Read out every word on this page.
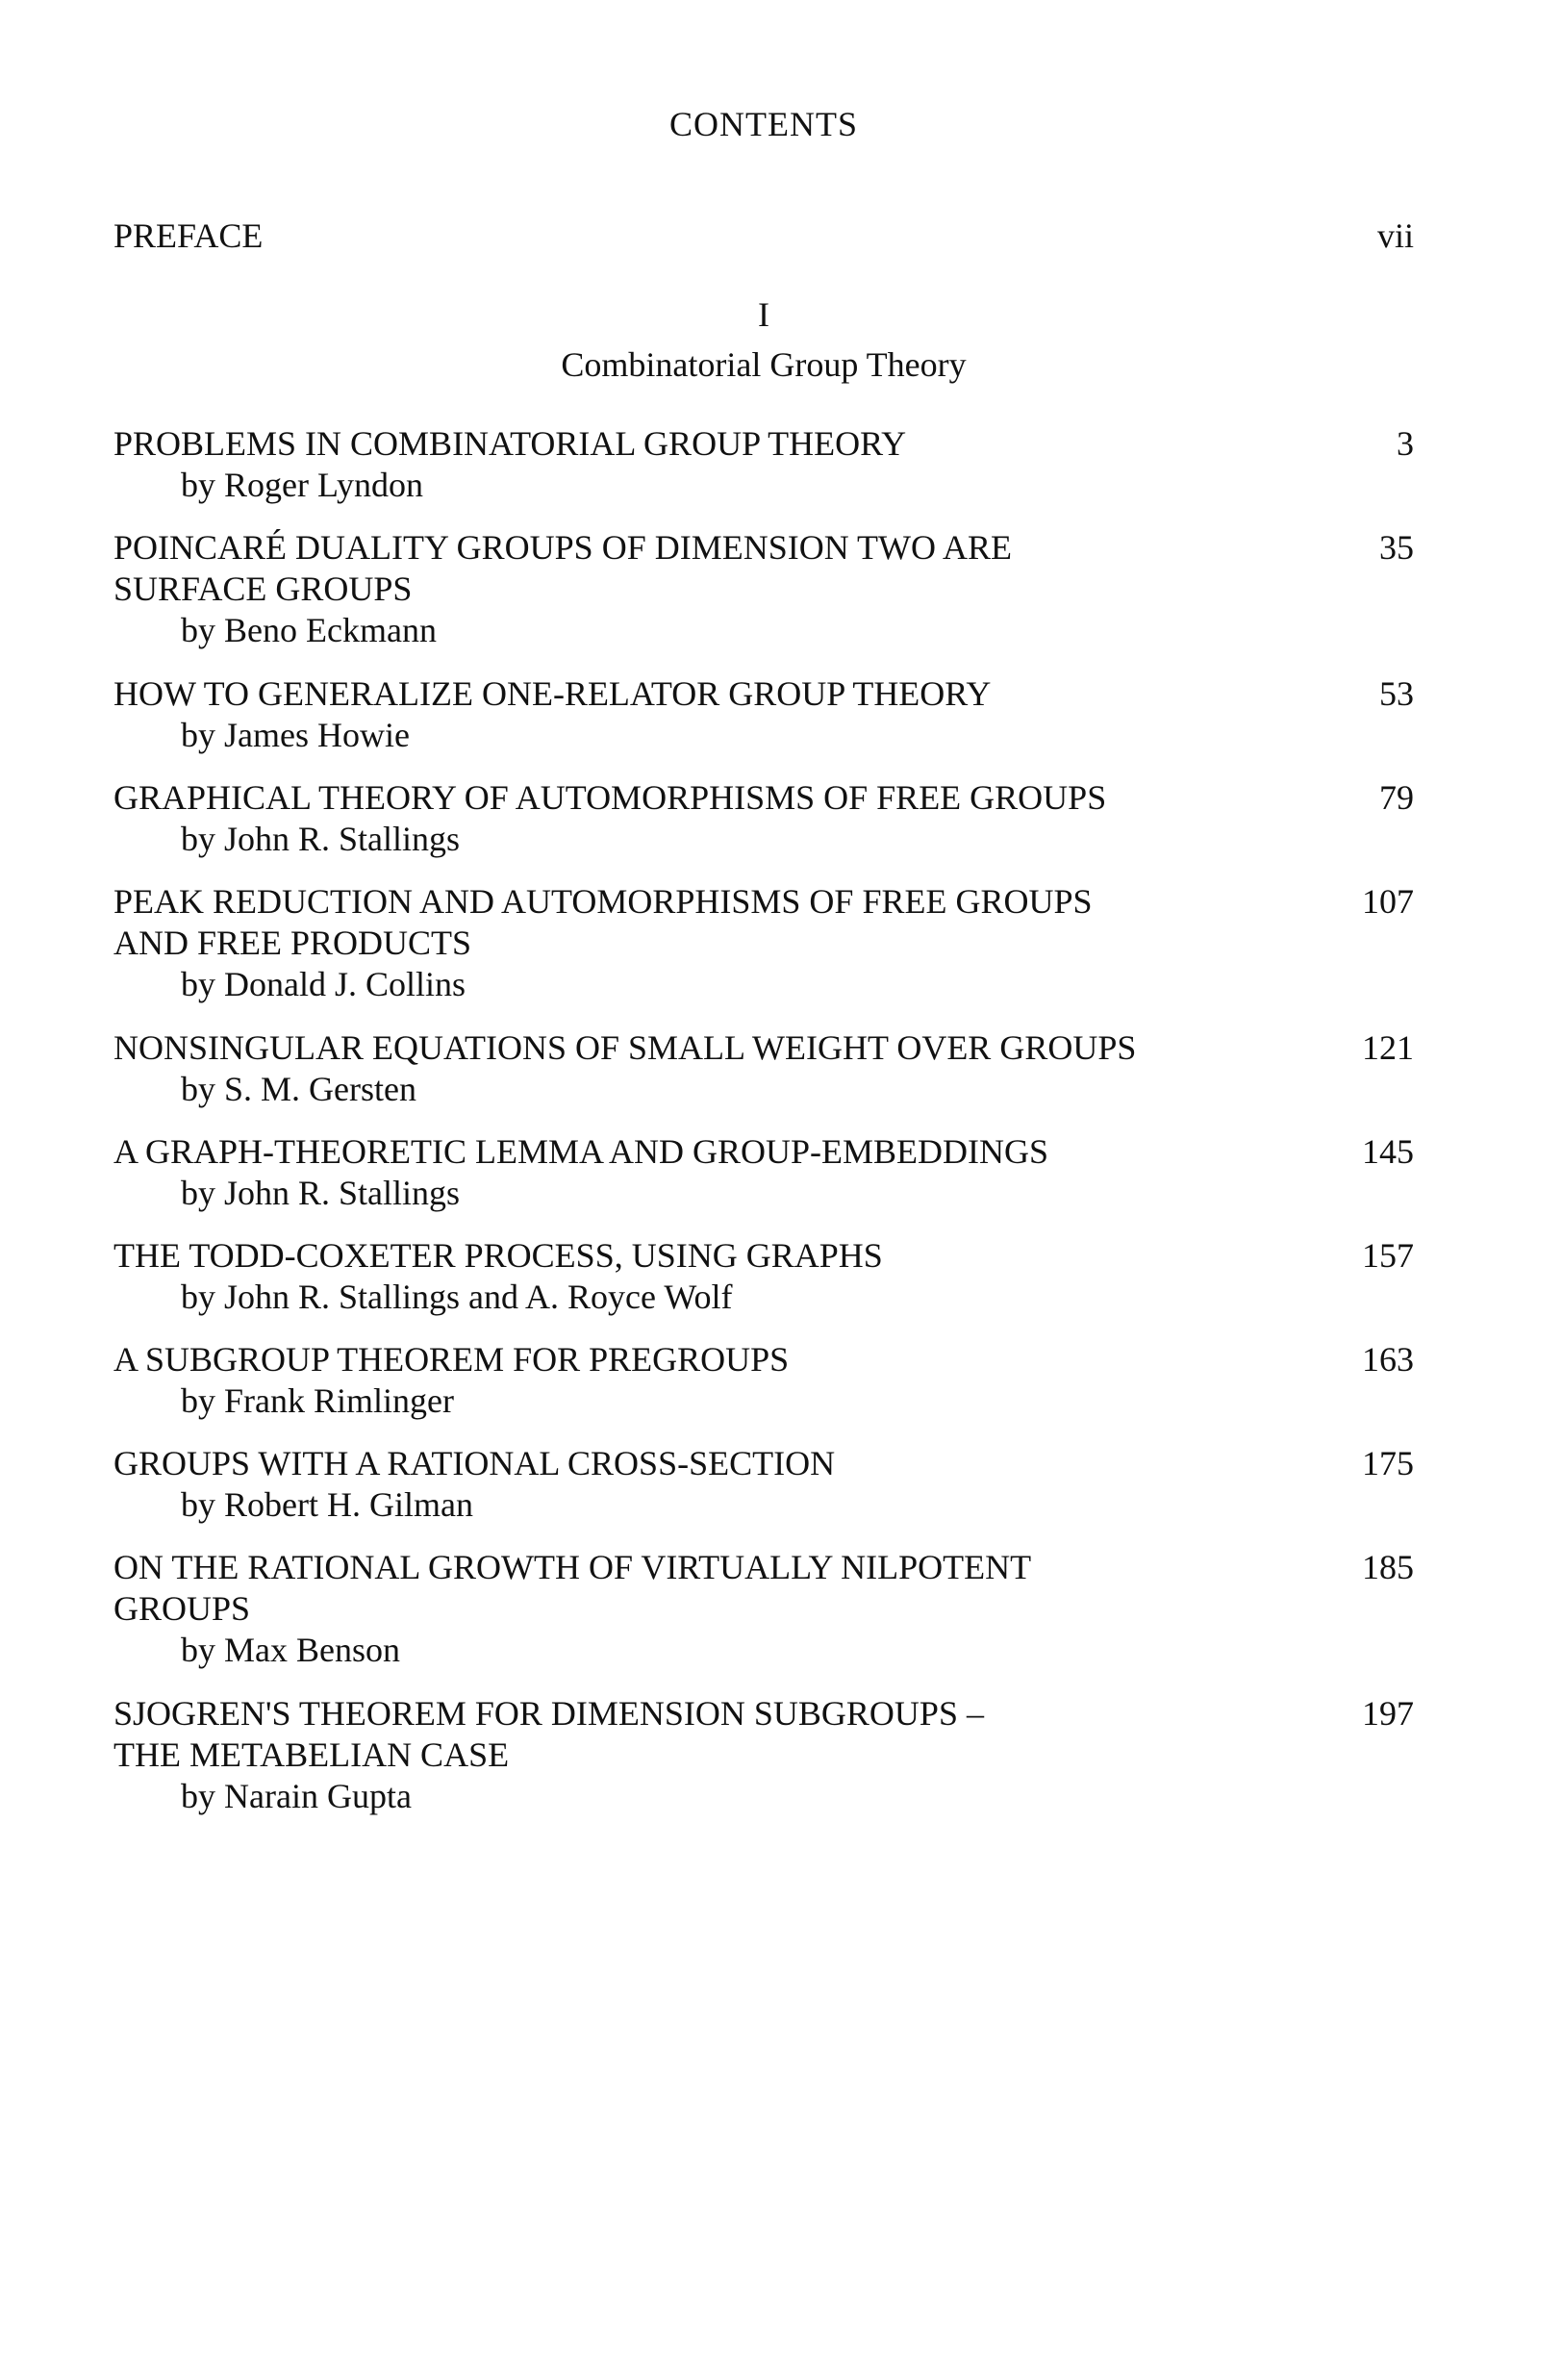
CONTENTS
PREFACE	vii
I
Combinatorial Group Theory
PROBLEMS IN COMBINATORIAL GROUP THEORY
by Roger Lyndon
3
POINCARÉ DUALITY GROUPS OF DIMENSION TWO ARE
SURFACE GROUPS
by Beno Eckmann
35
HOW TO GENERALIZE ONE-RELATOR GROUP THEORY
by James Howie
53
GRAPHICAL THEORY OF AUTOMORPHISMS OF FREE GROUPS
by John R. Stallings
79
PEAK REDUCTION AND AUTOMORPHISMS OF FREE GROUPS
AND FREE PRODUCTS
by Donald J. Collins
107
NONSINGULAR EQUATIONS OF SMALL WEIGHT OVER GROUPS
by S. M. Gersten
121
A GRAPH-THEORETIC LEMMA AND GROUP-EMBEDDINGS
by John R. Stallings
145
THE TODD-COXETER PROCESS, USING GRAPHS
by John R. Stallings and A. Royce Wolf
157
A SUBGROUP THEOREM FOR PREGROUPS
by Frank Rimlinger
163
GROUPS WITH A RATIONAL CROSS-SECTION
by Robert H. Gilman
175
ON THE RATIONAL GROWTH OF VIRTUALLY NILPOTENT
GROUPS
by Max Benson
185
SJOGREN'S THEOREM FOR DIMENSION SUBGROUPS –
THE METABELIAN CASE
by Narain Gupta
197
